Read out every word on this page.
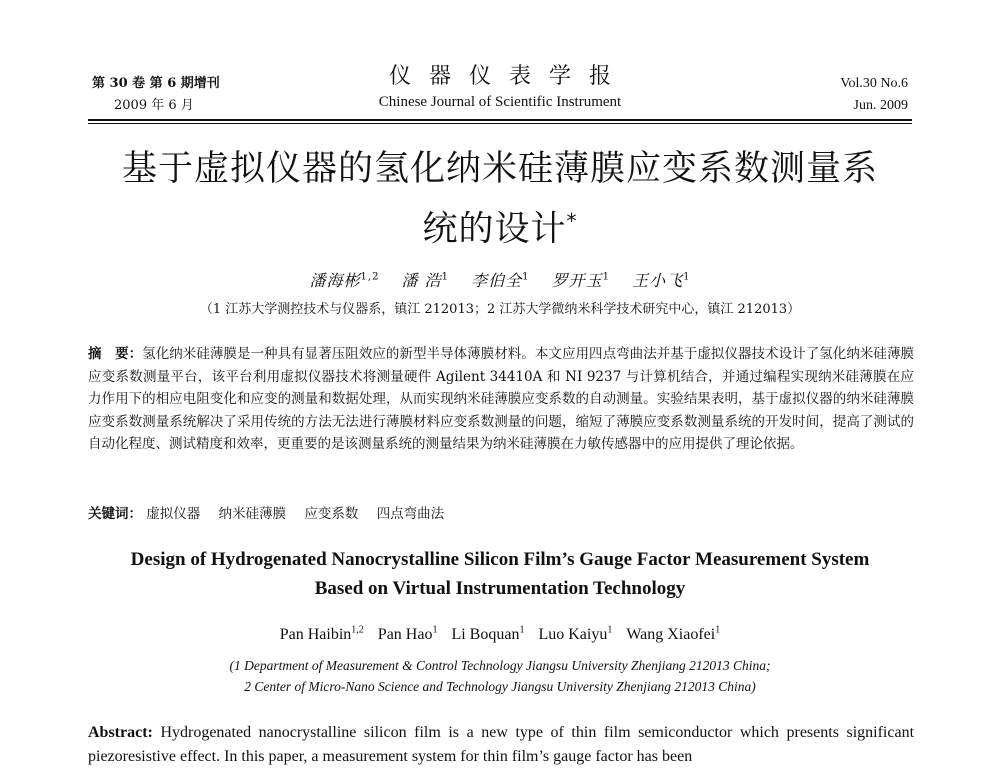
第 30 卷 第 6 期增刊
2009 年 6 月
仪器仪表学报
Chinese Journal of Scientific Instrument
Vol.30 No.6
Jun. 2009
基于虚拟仪器的氢化纳米硅薄膜应变系数测量系
统的设计*
潘海彬$^{1,2}$ 潘 浩$^1$ 李伯全$^1$ 罗开玉$^1$ 王小飞$^1$
（1 江苏大学测控技术与仪器系，镇江 212013；2 江苏大学微纳米科学技术研究中心，镇江 212013）
摘　要：氢化纳米硅薄膜是一种具有显著压阻效应的新型半导体薄膜材料。本文应用四点弯曲法并基于虚拟仪器技术设计了氢化纳米硅薄膜应变系数测量平台，该平台利用虚拟仪器技术将测量硬件 Agilent 34410A 和 NI 9237 与计算机结合，并通过编程实现纳米硅薄膜在应力作用下的相应电阻变化和应变的测量和数据处理，从而实现纳米硅薄膜应变系数的自动测量。实验结果表明，基于虚拟仪器的纳米硅薄膜应变系数测量系统解决了采用传统的方法无法进行薄膜材料应变系数测量的问题，缩短了薄膜应变系数测量系统的开发时间，提高了测试的自动化程度、测试精度和效率，更重要的是该测量系统的测量结果为纳米硅薄膜在力敏传感器中的应用提供了理论依据。
关键词： 虚拟仪器 纳米硅薄膜 应变系数 四点弯曲法
Design of Hydrogenated Nanocrystalline Silicon Film’s Gauge Factor Measurement System
Based on Virtual Instrumentation Technology
Pan Haibin$^{1,2}$ Pan Hao$^1$ Li Boquan$^1$ Luo Kaiyu$^1$ Wang Xiaofei$^1$
(1 Department of Measurement & Control Technology Jiangsu University Zhenjiang 212013 China;
2 Center of Micro-Nano Science and Technology Jiangsu University Zhenjiang 212013 China)
Abstract: Hydrogenated nanocrystalline silicon film is a new type of thin film semiconductor which presents significant piezoresistive effect. In this paper, a measurement system for thin film’s gauge factor has been
